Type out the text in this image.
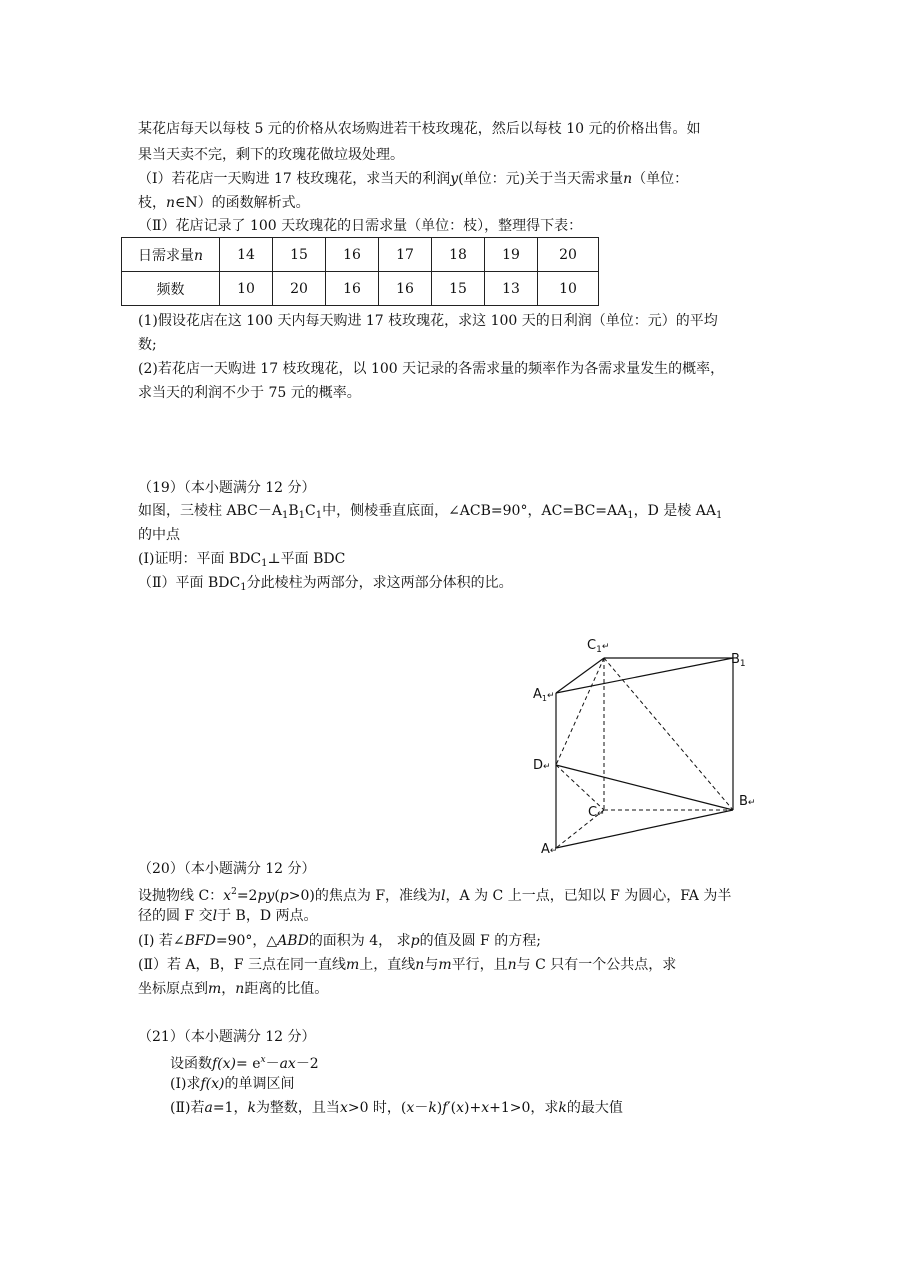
某花店每天以每枝 5 元的价格从农场购进若干枝玫瑰花，然后以每枝 10 元的价格出售。如
果当天卖不完，剩下的玫瑰花做垃圾处理。
（Ⅰ）若花店一天购进 17 枝玫瑰花，求当天的利润y(单位：元)关于当天需求量n（单位：
枝，n∈N）的函数解析式。
（Ⅱ）花店记录了 100 天玫瑰花的日需求量（单位：枝），整理得下表：
日需求量n	14	15	16	17	18	19	20
频数	10	20	16	16	15	13	10
(1)假设花店在这 100 天内每天购进 17 枝玫瑰花，求这 100 天的日利润（单位：元）的平均
数;
(2)若花店一天购进 17 枝玫瑰花，以 100 天记录的各需求量的频率作为各需求量发生的概率，
求当天的利润不少于 75 元的概率。
（19）（本小题满分 12 分）
如图，三棱柱 $ABC-A_1B_1C_1$中，侧棱垂直底面，∠ACB=90°，$AC=BC=AA_1$，D 是棱 $AA_1$
的中点
(Ⅰ)证明：平面 $BDC_1\perp$平面 BDC
（Ⅱ）平面 $BDC_1$分此棱柱为两部分，求这两部分体积的比。
$C_1^↵$
$B_1$
$A_1^↵$
D↵
C↵
B↵
A↵
（20）（本小题满分 12 分）
设抛物线 C：$x^2=2py(p>0)$的焦点为 F，准线为l，A 为 C 上一点，已知以 F 为圆心，FA 为半
径的圆 F 交l于 B，D 两点。
(I) 若∠BFD=90°，△ABD的面积为 4， 求p的值及圆 F 的方程;
(Ⅱ）若 A，B，F 三点在同一直线m上，直线n与m平行，且n与 C 只有一个公共点，求
坐标原点到m，n距离的比值。
（21）（本小题满分 12 分）
设函数$f(x)= e^x-ax-2$
(Ⅰ)求f(x)的单调区间
(Ⅱ)若a=1，k为整数，且当x>0 时，(x－k)f′(x)+x+1>0，求k的最大值
